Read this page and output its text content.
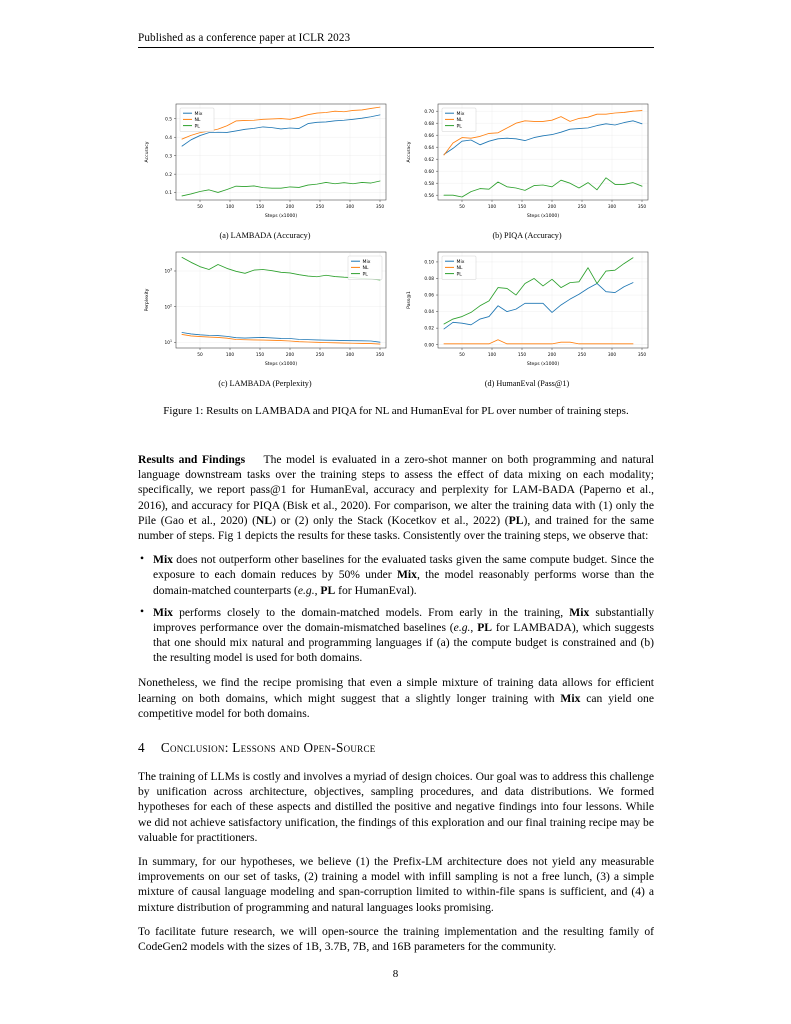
Published as a conference paper at ICLR 2023
0.1
0.2
0.3
0.4
0.5
50	100	150	200	250	300	350
Steps (x1000)
Accuracy
Mix
NL
PL
(a) LAMBADA (Accuracy)
0.56
0.58
0.60
0.62
0.64
0.66
0.68
0.70
50	100	150	200	250	300	350
Steps (x1000)
Accuracy
Mix
NL
PL
(b) PIQA (Accuracy)
$10^1$
$10^2$
$10^3$
50	100	150	200	250	300	350
Steps (x1000)
Perplexity
Mix
NL
PL
(c) LAMBADA (Perplexity)
0.00
0.02
0.04
0.06
0.08
0.10
50	100	150	200	250	300	350
Steps (x1000)
Pass@1
Mix
NL
PL
(d) HumanEval (Pass@1)
Figure 1: Results on LAMBADA and PIQA for NL and HumanEval for PL over number of training steps.

Results and Findings The model is evaluated in a zero-shot manner on both programming and natural language downstream tasks over the training steps to assess the effect of data mixing on each modality; specifically, we report pass@1 for HumanEval, accuracy and perplexity for LAM-BADA (Paperno et al., 2016), and accuracy for PIQA (Bisk et al., 2020). For comparison, we alter the training data with (1) only the Pile (Gao et al., 2020) (NL) or (2) only the Stack (Kocetkov et al., 2022) (PL), and trained for the same number of steps. Fig 1 depicts the results for these tasks. Consistently over the training steps, we observe that:

• Mix does not outperform other baselines for the evaluated tasks given the same compute budget. Since the exposure to each domain reduces by 50% under Mix, the model reasonably performs worse than the domain-matched counterparts (e.g., PL for HumanEval).
• Mix performs closely to the domain-matched models. From early in the training, Mix substantially improves performance over the domain-mismatched baselines (e.g., PL for LAMBADA), which suggests that one should mix natural and programming languages if (a) the compute budget is constrained and (b) the resulting model is used for both domains.

Nonetheless, we find the recipe promising that even a simple mixture of training data allows for efficient learning on both domains, which might suggest that a slightly longer training with Mix can yield one competitive model for both domains.

4 Conclusion: Lessons and Open-Source

The training of LLMs is costly and involves a myriad of design choices. Our goal was to address this challenge by unification across architecture, objectives, sampling procedures, and data distributions. We formed hypotheses for each of these aspects and distilled the positive and negative findings into four lessons. While we did not achieve satisfactory unification, the findings of this exploration and our final training recipe may be valuable for practitioners.

In summary, for our hypotheses, we believe (1) the Prefix-LM architecture does not yield any measurable improvements on our set of tasks, (2) training a model with infill sampling is not a free lunch, (3) a simple mixture of causal language modeling and span-corruption limited to within-file spans is sufficient, and (4) a mixture distribution of programming and natural languages looks promising.

To facilitate future research, we will open-source the training implementation and the resulting family of CodeGen2 models with the sizes of 1B, 3.7B, 7B, and 16B parameters for the community.

8
